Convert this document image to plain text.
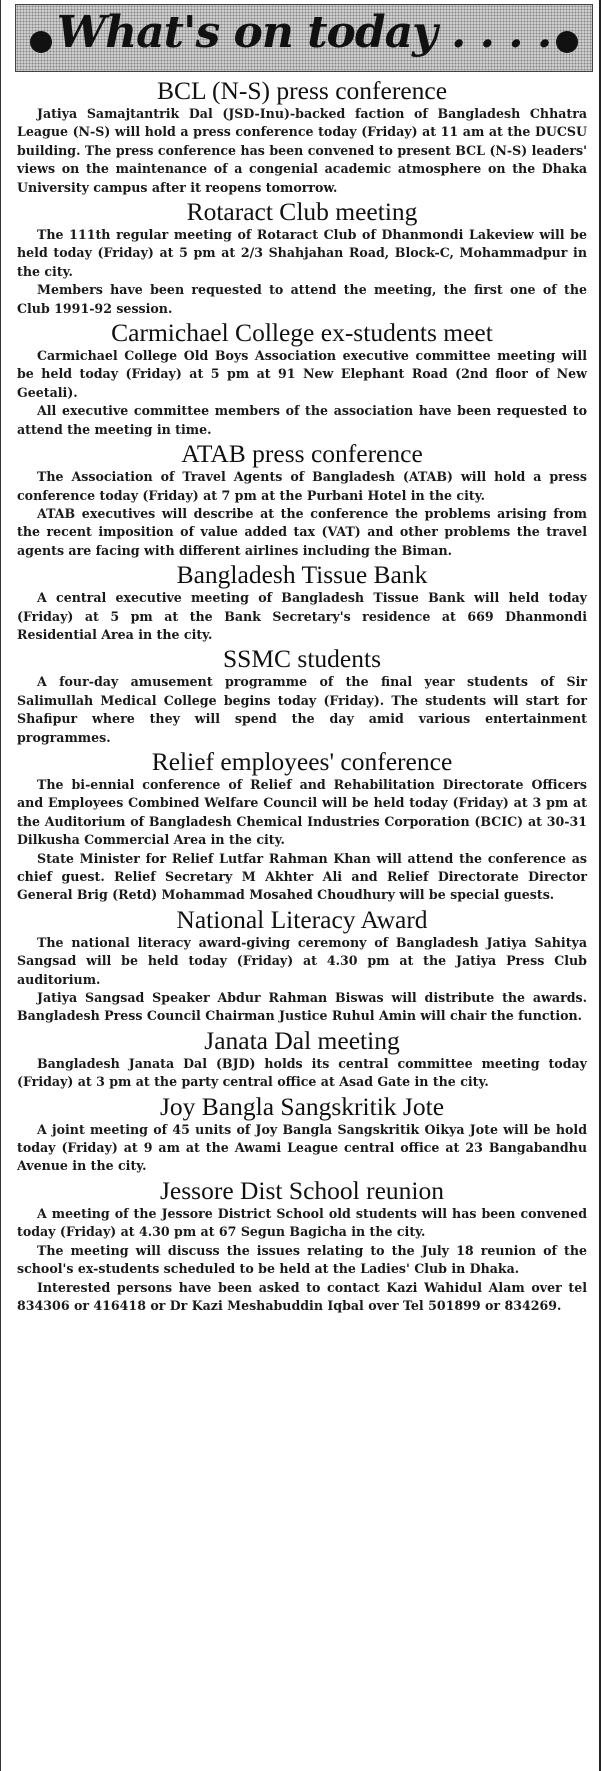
What's on today . . . .
BCL (N-S) press conference

Jatiya Samajtantrik Dal (JSD-Inu)-backed faction of Bangladesh Chhatra League (N-S) will hold a press conference today (Friday) at 11 am at the DUCSU building. The press conference has been convened to present BCL (N-S) leaders' views on the maintenance of a congenial academic atmosphere on the Dhaka University campus after it reopens tomorrow.

Rotaract Club meeting

The 111th regular meeting of Rotaract Club of Dhanmondi Lakeview will be held today (Friday) at 5 pm at 2/3 Shahjahan Road, Block-C, Mohammadpur in the city.

Members have been requested to attend the meeting, the first one of the Club 1991-92 session.

Carmichael College ex-students meet

Carmichael College Old Boys Association executive committee meeting will be held today (Friday) at 5 pm at 91 New Elephant Road (2nd floor of New Geetali).

All executive committee members of the association have been requested to attend the meeting in time.

ATAB press conference

The Association of Travel Agents of Bangladesh (ATAB) will hold a press conference today (Friday) at 7 pm at the Purbani Hotel in the city.

ATAB executives will describe at the conference the problems arising from the recent imposition of value added tax (VAT) and other problems the travel agents are facing with different airlines including the Biman.

Bangladesh Tissue Bank

A central executive meeting of Bangladesh Tissue Bank will held today (Friday) at 5 pm at the Bank Secretary's residence at 669 Dhanmondi Residential Area in the city.

SSMC students

A four-day amusement programme of the final year students of Sir Salimullah Medical College begins today (Friday). The students will start for Shafipur where they will spend the day amid various entertainment programmes.

Relief employees' conference

The bi-ennial conference of Relief and Rehabilitation Directorate Officers and Employees Combined Welfare Council will be held today (Friday) at 3 pm at the Auditorium of Bangladesh Chemical Industries Corporation (BCIC) at 30-31 Dilkusha Commercial Area in the city.

State Minister for Relief Lutfar Rahman Khan will attend the conference as chief guest. Relief Secretary M Akhter Ali and Relief Directorate Director General Brig (Retd) Mohammad Mosahed Choudhury will be special guests.

National Literacy Award

The national literacy award-giving ceremony of Bangladesh Jatiya Sahitya Sangsad will be held today (Friday) at 4.30 pm at the Jatiya Press Club auditorium.

Jatiya Sangsad Speaker Abdur Rahman Biswas will distribute the awards. Bangladesh Press Council Chairman Justice Ruhul Amin will chair the function.

Janata Dal meeting

Bangladesh Janata Dal (BJD) holds its central committee meeting today (Friday) at 3 pm at the party central office at Asad Gate in the city.

Joy Bangla Sangskritik Jote

A joint meeting of 45 units of Joy Bangla Sangskritik Oikya Jote will be hold today (Friday) at 9 am at the Awami League central office at 23 Bangabandhu Avenue in the city.

Jessore Dist School reunion

A meeting of the Jessore District School old students will has been convened today (Friday) at 4.30 pm at 67 Segun Bagicha in the city.

The meeting will discuss the issues relating to the July 18 reunion of the school's ex-students scheduled to be held at the Ladies' Club in Dhaka.

Interested persons have been asked to contact Kazi Wahidul Alam over tel 834306 or 416418 or Dr Kazi Meshabuddin Iqbal over Tel 501899 or 834269.
